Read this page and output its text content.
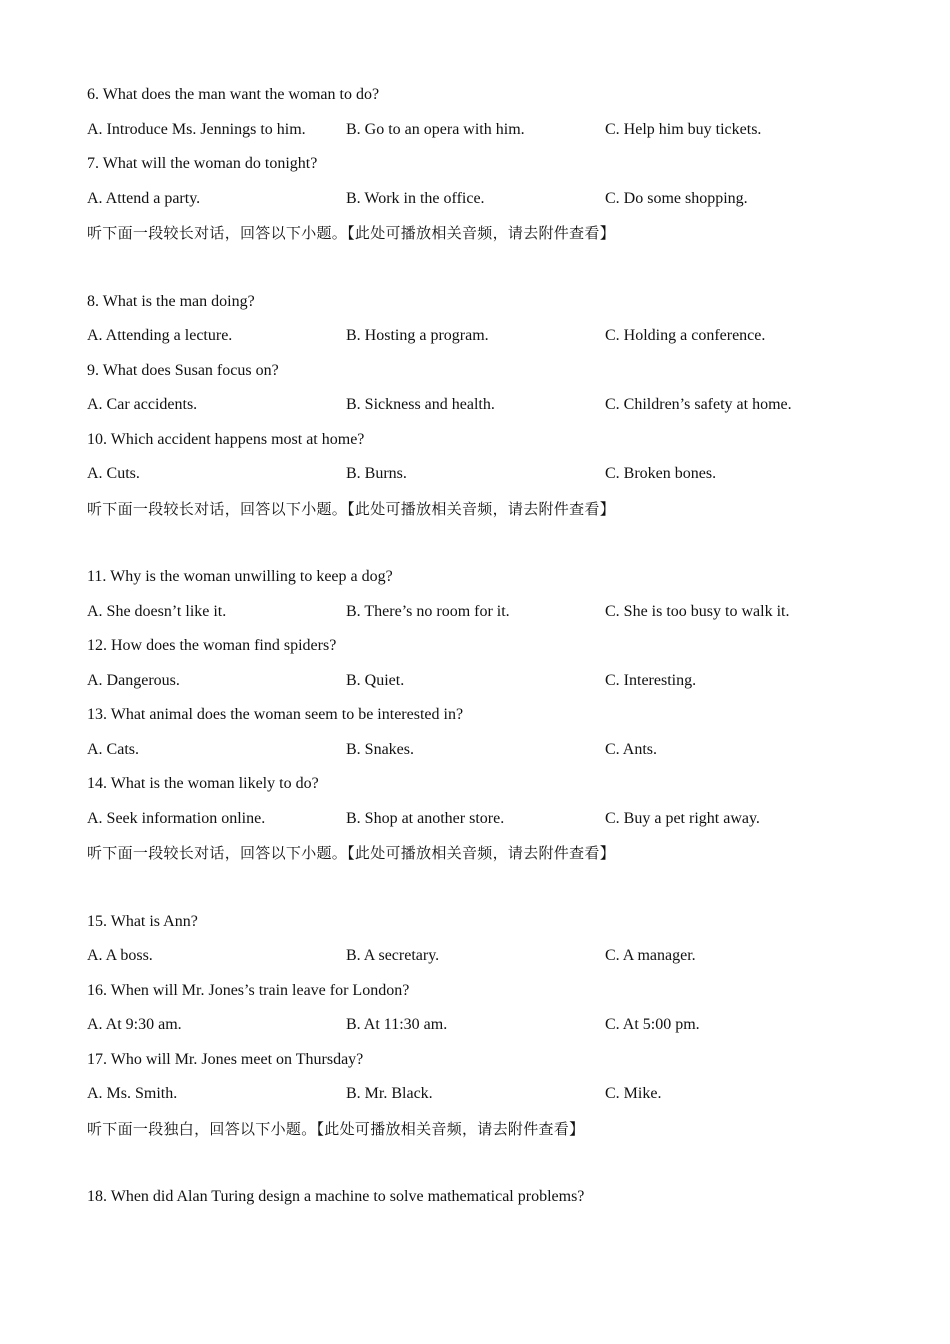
6. What does the man want the woman to do?
A. Introduce Ms. Jennings to him.	B. Go to an opera with him.	C. Help him buy tickets.
7. What will the woman do tonight?
A. Attend a party.	B. Work in the office.	C. Do some shopping.
听下面一段较长对话，回答以下小题。【此处可播放相关音频，请去附件查看】
8. What is the man doing?
A. Attending a lecture.	B. Hosting a program.	C. Holding a conference.
9. What does Susan focus on?
A. Car accidents.	B. Sickness and health.	C. Children’s safety at home.
10. Which accident happens most at home?
A. Cuts.	B. Burns.	C. Broken bones.
听下面一段较长对话，回答以下小题。【此处可播放相关音频，请去附件查看】
11. Why is the woman unwilling to keep a dog?
A. She doesn’t like it.	B. There’s no room for it.	C. She is too busy to walk it.
12. How does the woman find spiders?
A. Dangerous.	B. Quiet.	C. Interesting.
13. What animal does the woman seem to be interested in?
A. Cats.	B. Snakes.	C. Ants.
14. What is the woman likely to do?
A. Seek information online.	B. Shop at another store.	C. Buy a pet right away.
听下面一段较长对话，回答以下小题。【此处可播放相关音频，请去附件查看】
15. What is Ann?
A. A boss.	B. A secretary.	C. A manager.
16. When will Mr. Jones’s train leave for London?
A. At 9:30 am.	B. At 11:30 am.	C. At 5:00 pm.
17. Who will Mr. Jones meet on Thursday?
A. Ms. Smith.	B. Mr. Black.	C. Mike.
听下面一段独白，回答以下小题。【此处可播放相关音频，请去附件查看】
18. When did Alan Turing design a machine to solve mathematical problems?
